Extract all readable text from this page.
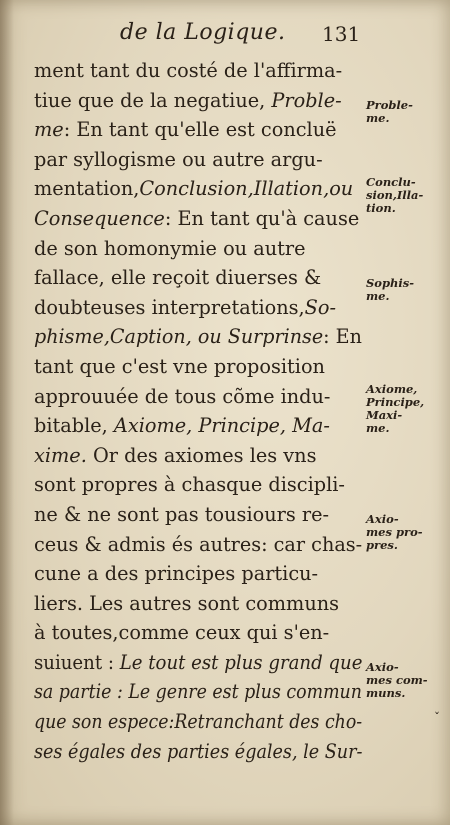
de la Logique. 131
ment tant du costé de l'affirma-
tiue que de la negatiue, Proble-
me: En tant qu'elle est concluë
par syllogisme ou autre argu-
mentation,Conclusion,Illation,ou
Consequence: En tant qu'à cause
de son homonymie ou autre
fallace, elle reçoit diuerses &
doubteuses interpretations,So-
phisme,Caption, ou Surprinse: En
tant que c'est vne proposition
approuuée de tous cõme indu-
bitable, Axiome, Principe, Ma-
xime. Or des axiomes les vns
sont propres à chasque discipli-
ne & ne sont pas tousiours re-
ceus & admis és autres: car chas-
cune a des principes particu-
liers. Les autres sont communs
à toutes,comme ceux qui s'en-
suiuent : Le tout est plus grand que
sa partie : Le genre est plus commun
que son espece:Retranchant des cho-
ses égales des parties égales, le Sur-
Proble-
me.
Conclu-
sion,Illa-
tion.
Sophis-
me.
Axiome,
Principe,
Maxi-
me.
Axio-
mes pro-
pres.
Axio-
mes com-
muns.
˯
